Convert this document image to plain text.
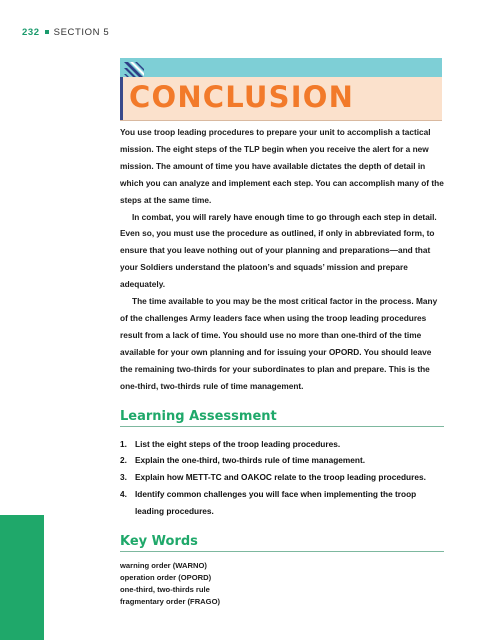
232 SECTION 5
CONCLUSION

You use troop leading procedures to prepare your unit to accomplish a tactical mission. The eight steps of the TLP begin when you receive the alert for a new mission. The amount of time you have available dictates the depth of detail in which you can analyze and implement each step. You can accomplish many of the steps at the same time.

In combat, you will rarely have enough time to go through each step in detail. Even so, you must use the procedure as outlined, if only in abbreviated form, to ensure that you leave nothing out of your planning and preparations—and that your Soldiers understand the platoon’s and squads’ mission and prepare adequately.

The time available to you may be the most critical factor in the process. Many of the challenges Army leaders face when using the troop leading procedures result from a lack of time. You should use no more than one-third of the time available for your own planning and for issuing your OPORD. You should leave the remaining two-thirds for your subordinates to plan and prepare. This is the one-third, two-thirds rule of time management.

Learning Assessment
1. List the eight steps of the troop leading procedures.
2. Explain the one-third, two-thirds rule of time management.
3. Explain how METT-TC and OAKOC relate to the troop leading procedures.
4. Identify common challenges you will face when implementing the troop leading procedures.
Key Words
warning order (WARNO)
operation order (OPORD)
one-third, two-thirds rule
fragmentary order (FRAGO)
